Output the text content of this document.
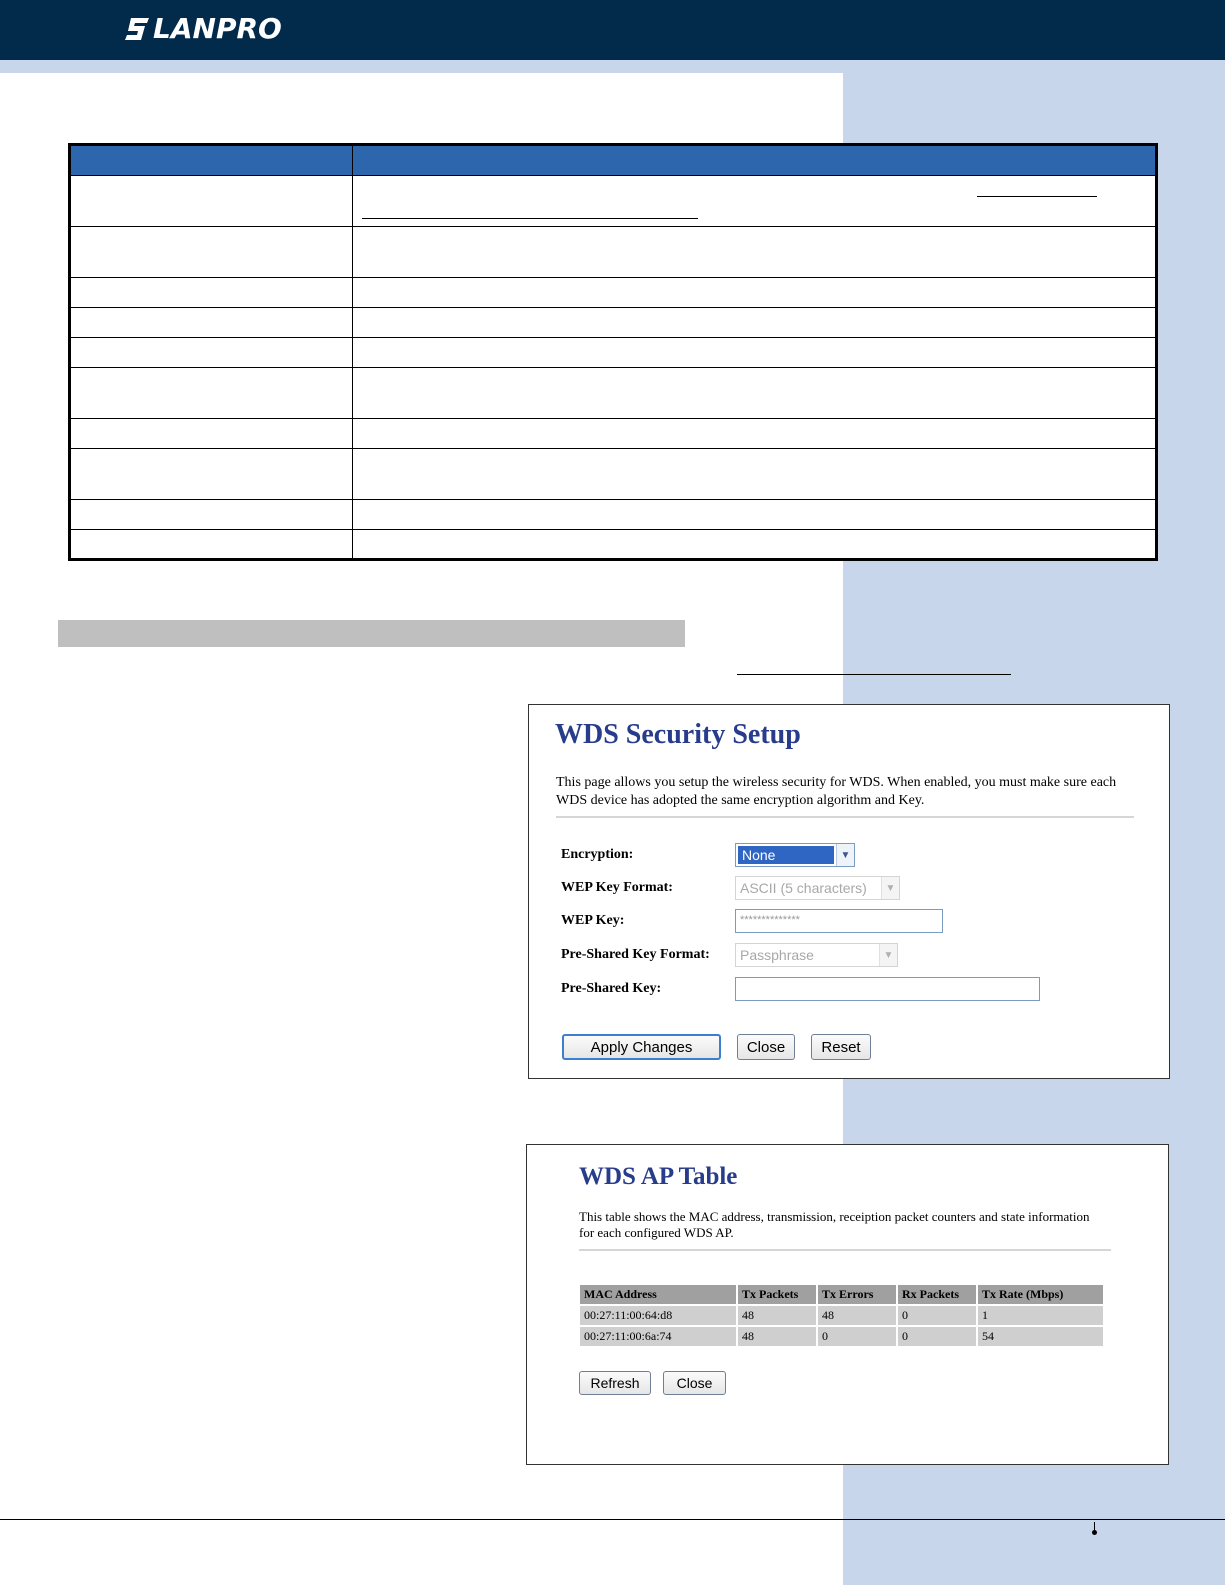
LANPRO

WDS Security Setup
This page allows you setup the wireless security for WDS. When enabled, you must make sure each WDS device has adopted the same encryption algorithm and Key.
Encryption:	None	▼
WEP Key Format:	ASCII (5 characters)	▼
WEP Key:	**************
Pre-Shared Key Format: Passphrase	▼
Pre-Shared Key:
Apply Changes	Close	Reset
WDS AP Table
This table shows the MAC address, transmission, receiption packet counters and state information for each configured WDS AP.
MAC Address	Tx Packets	Tx Errors	Rx Packets	Tx Rate (Mbps)
00:27:11:00:64:d8	48	48	0	1
00:27:11:00:6a:74	48	0	0	54
Refresh	Close
